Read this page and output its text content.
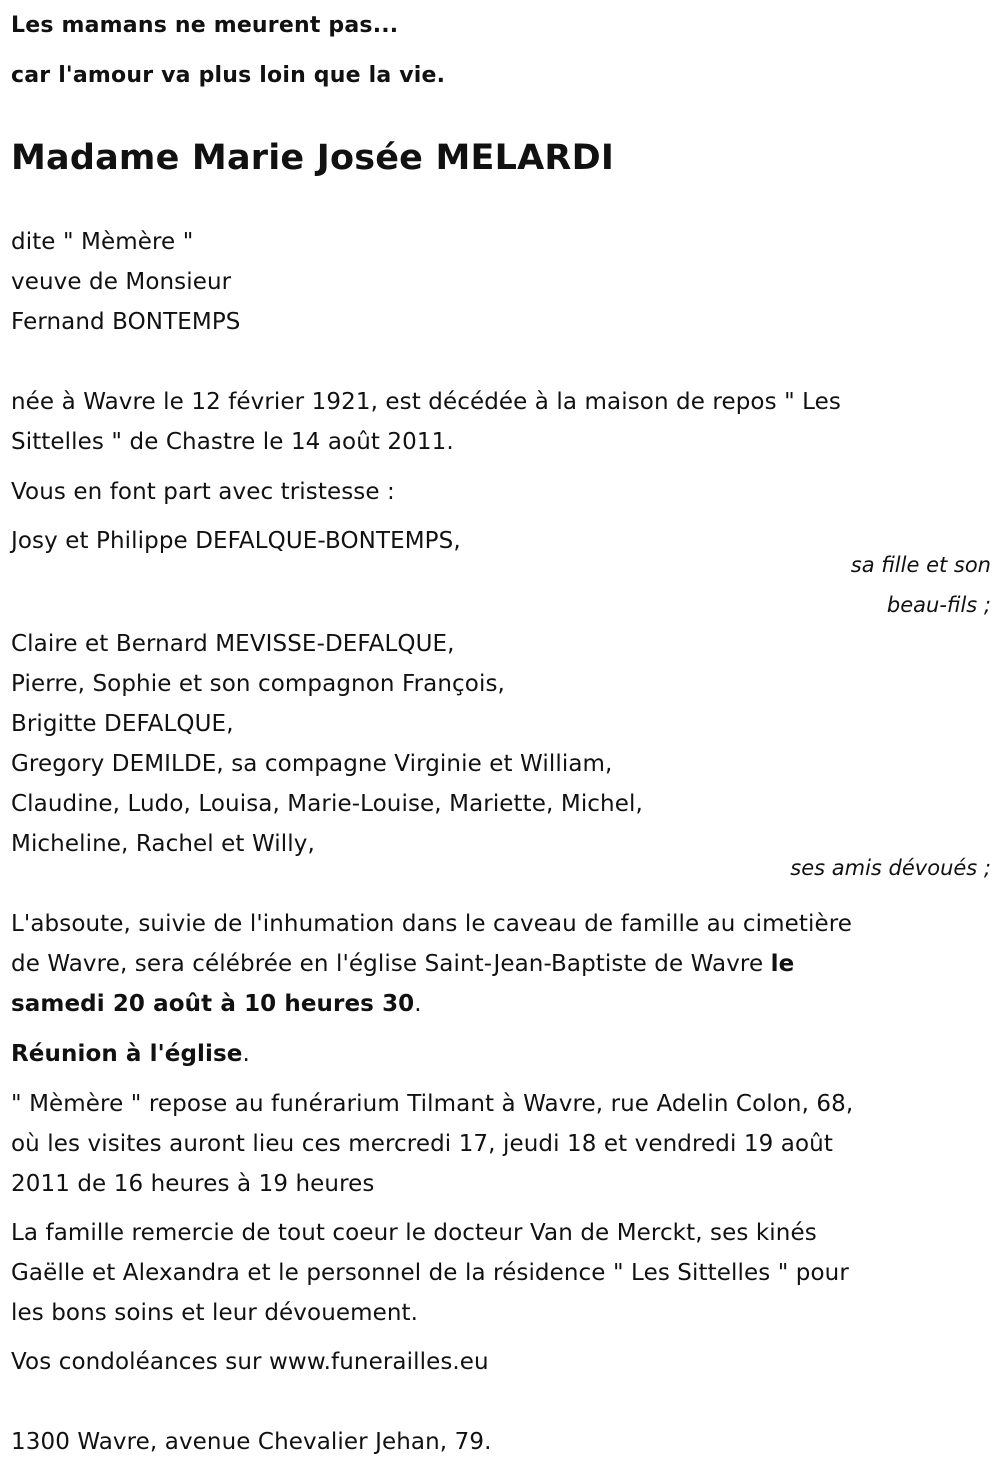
Les mamans ne meurent pas...
car l'amour va plus loin que la vie.
Madame Marie Josée MELARDI
dite " Mèmère "
veuve de Monsieur
Fernand BONTEMPS
née à Wavre le 12 février 1921, est décédée à la maison de repos " Les
Sittelles " de Chastre le 14 août 2011.
Vous en font part avec tristesse :
Josy et Philippe DEFALQUE-BONTEMPS,
sa fille et son
beau-fils ;
Claire et Bernard MEVISSE-DEFALQUE,
Pierre, Sophie et son compagnon François,
Brigitte DEFALQUE,
Gregory DEMILDE, sa compagne Virginie et William,
Claudine, Ludo, Louisa, Marie-Louise, Mariette, Michel,
Micheline, Rachel et Willy,
ses amis dévoués ;
L'absoute, suivie de l'inhumation dans le caveau de famille au cimetière
de Wavre, sera célébrée en l'église Saint-Jean-Baptiste de Wavre le
samedi 20 août à 10 heures 30.
Réunion à l'église.
" Mèmère " repose au funérarium Tilmant à Wavre, rue Adelin Colon, 68,
où les visites auront lieu ces mercredi 17, jeudi 18 et vendredi 19 août
2011 de 16 heures à 19 heures
La famille remercie de tout coeur le docteur Van de Merckt, ses kinés
Gaëlle et Alexandra et le personnel de la résidence " Les Sittelles " pour
les bons soins et leur dévouement.
Vos condoléances sur www.funerailles.eu
1300 Wavre, avenue Chevalier Jehan, 79.
